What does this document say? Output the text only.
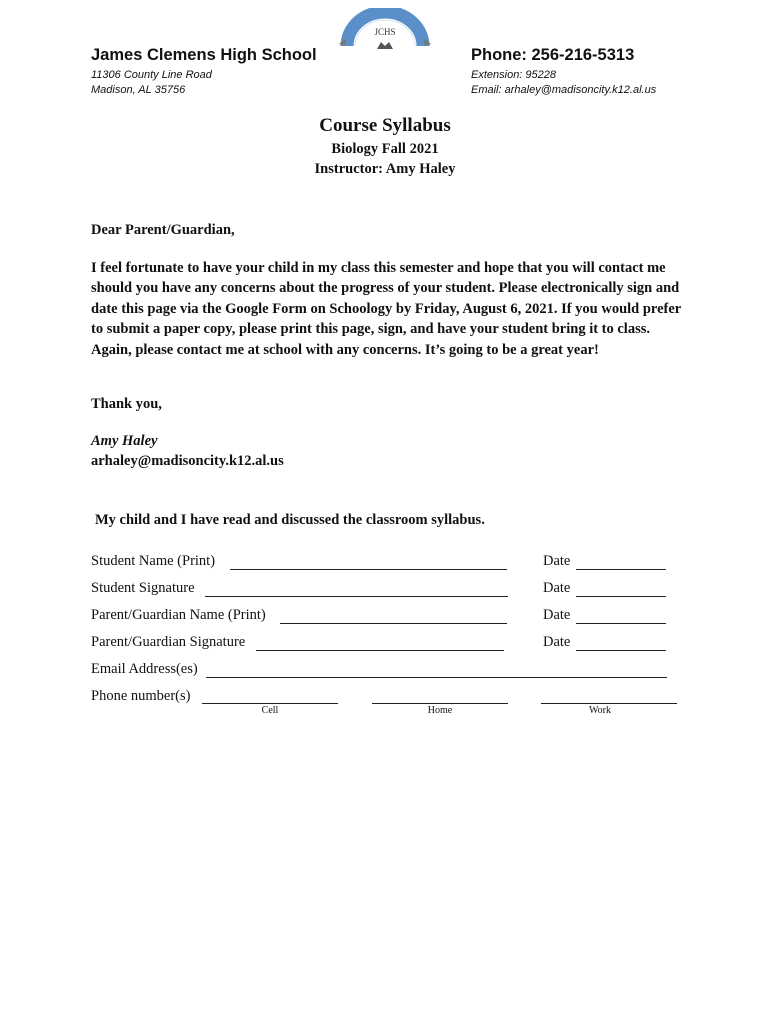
JCHS
James Clemens High School
11306 County Line Road
Madison, AL 35756
Phone: 256-216-5313
Extension: 95228
Email: arhaley@madisoncity.k12.al.us
Course Syllabus
Biology Fall 2021
Instructor: Amy Haley
Dear Parent/Guardian,
I feel fortunate to have your child in my class this semester and hope that you will contact me should you have any concerns about the progress of your student. Please electronically sign and date this page via the Google Form on Schoology by Friday, August 6, 2021. If you would prefer to submit a paper copy, please print this page, sign, and have your student bring it to class. Again, please contact me at school with any concerns. It’s going to be a great year!
Thank you,
Amy Haley
arhaley@madisoncity.k12.al.us
My child and I have read and discussed the classroom syllabus.
Student Name (Print)	Date
Student Signature	Date
Parent/Guardian Name (Print)	Date
Parent/Guardian Signature	Date
Email Address(es)
Phone number(s)
Cell	Home	Work
